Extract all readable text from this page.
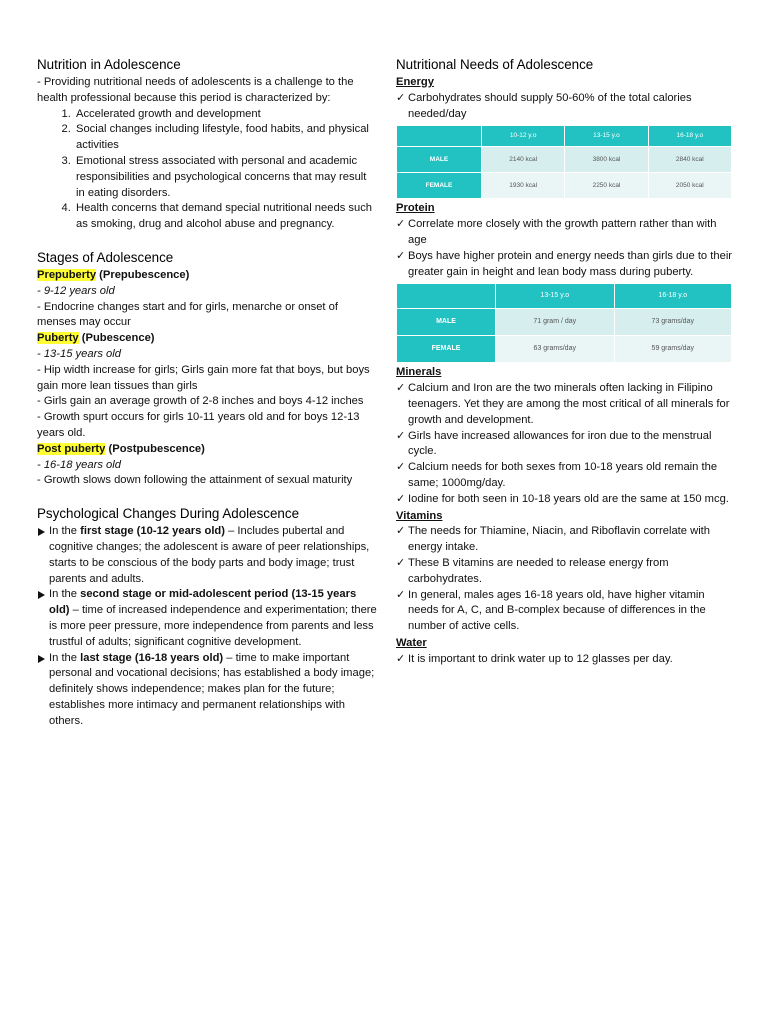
Nutrition in Adolescence

- Providing nutritional needs of adolescents is a challenge to the health professional because this period is characterized by:

1. Accelerated growth and development
2. Social changes including lifestyle, food habits, and physical activities
3. Emotional stress associated with personal and academic responsibilities and psychological concerns that may result in eating disorders.
4. Health concerns that demand special nutritional needs such as smoking, drug and alcohol abuse and pregnancy.
Stages of Adolescence

Prepuberty (Prepubescence)

- 9-12 years old

- Endocrine changes start and for girls, menarche or onset of menses may occur

Puberty (Pubescence)

- 13-15 years old

- Hip width increase for girls; Girls gain more fat that boys, but boys gain more lean tissues than girls

- Girls gain an average growth of 2-8 inches and boys 4-12 inches

- Growth spurt occurs for girls 10-11 years old and for boys 12-13 years old.

Post puberty (Postpubescence)

- 16-18 years old

- Growth slows down following the attainment of sexual maturity

Psychological Changes During Adolescence
In the first stage (10-12 years old) – Includes pubertal and cognitive changes; the adolescent is aware of peer relationships, starts to be conscious of the body parts and body image; trust parents and adults.
In the second stage or mid-adolescent period (13-15 years old) – time of increased independence and experimentation; there is more peer pressure, more independence from parents and less trustful of adults; significant cognitive development.
In the last stage (16-18 years old) – time to make important personal and vocational decisions; has established a body image; definitely shows independence; makes plan for the future; establishes more intimacy and permanent relationships with others.
Nutritional Needs of Adolescence

Energy

✓ Carbohydrates should supply 50-60% of the total calories needed/day
	10-12 y.o	13-15 y.o	16-18 y.o
MALE	2140 kcal	3800 kcal	2840 kcal
FEMALE	1930 kcal	2250 kcal	2050 kcal

Protein

✓ Correlate more closely with the growth pattern rather than with age
✓ Boys have higher protein and energy needs than girls due to their greater gain in height and lean body mass during puberty.
	13-15 y.o	16-18 y.o
MALE	71 gram / day	73 grams/day
FEMALE	63 grams/day	59 grams/day

Minerals

✓ Calcium and Iron are the two minerals often lacking in Filipino teenagers. Yet they are among the most critical of all minerals for growth and development.
✓ Girls have increased allowances for iron due to the menstrual cycle.
✓ Calcium needs for both sexes from 10-18 years old remain the same; 1000mg/day.
✓ Iodine for both seen in 10-18 years old are the same at 150 mcg.

Vitamins

✓ The needs for Thiamine, Niacin, and Riboflavin correlate with energy intake.
✓ These B vitamins are needed to release energy from carbohydrates.
✓ In general, males ages 16-18 years old, have higher vitamin needs for A, C, and B-complex because of differences in the number of active cells.

Water

✓ It is important to drink water up to 12 glasses per day.
